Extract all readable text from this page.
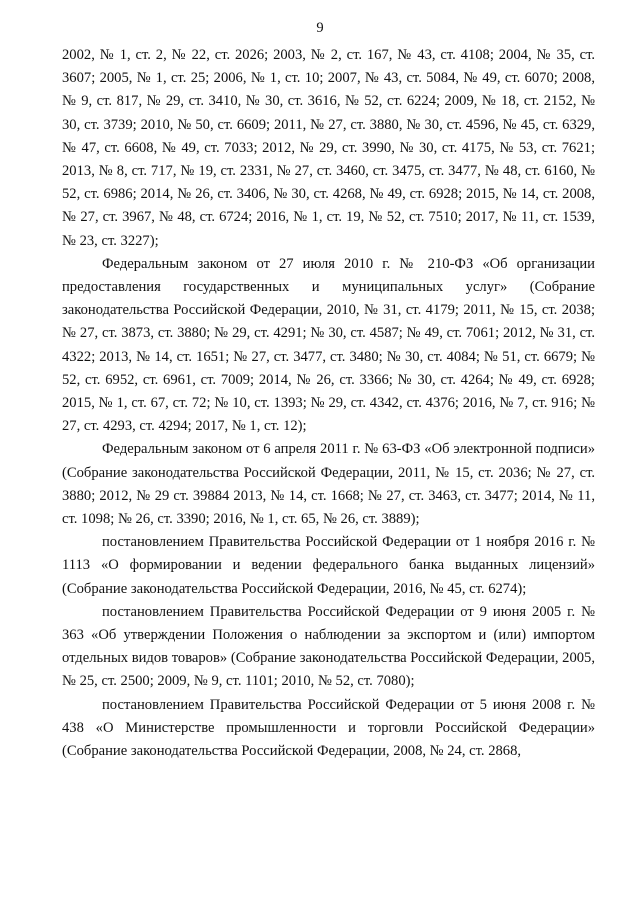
9

2002, № 1, ст. 2, № 22, ст. 2026; 2003, № 2, ст. 167, № 43, ст. 4108; 2004, № 35, ст. 3607; 2005, № 1, ст. 25; 2006, № 1, ст. 10; 2007, № 43, ст. 5084, № 49, ст. 6070; 2008, № 9, ст. 817, № 29, ст. 3410, № 30, ст. 3616, № 52, ст. 6224; 2009, № 18, ст. 2152, № 30, ст. 3739; 2010, № 50, ст. 6609; 2011, № 27, ст. 3880, № 30, ст. 4596, № 45, ст. 6329, № 47, ст. 6608, № 49, ст. 7033; 2012, № 29, ст. 3990, № 30, ст. 4175, № 53, ст. 7621; 2013, № 8, ст. 717, № 19, ст. 2331, № 27, ст. 3460, ст. 3475, ст. 3477, № 48, ст. 6160, № 52, ст. 6986; 2014, № 26, ст. 3406, № 30, ст. 4268, № 49, ст. 6928; 2015, № 14, ст. 2008, № 27, ст. 3967, № 48, ст. 6724; 2016, № 1, ст. 19, № 52, ст. 7510; 2017, № 11, ст. 1539, № 23, ст. 3227);

Федеральным законом от 27 июля 2010 г. № 210-ФЗ «Об организации предоставления государственных и муниципальных услуг» (Собрание законодательства Российской Федерации, 2010, № 31, ст. 4179; 2011, № 15, ст. 2038; № 27, ст. 3873, ст. 3880; № 29, ст. 4291; № 30, ст. 4587; № 49, ст. 7061; 2012, № 31, ст. 4322; 2013, № 14, ст. 1651; № 27, ст. 3477, ст. 3480; № 30, ст. 4084; № 51, ст. 6679; № 52, ст. 6952, ст. 6961, ст. 7009; 2014, № 26, ст. 3366; № 30, ст. 4264; № 49, ст. 6928; 2015, № 1, ст. 67, ст. 72; № 10, ст. 1393; № 29, ст. 4342, ст. 4376; 2016, № 7, ст. 916; № 27, ст. 4293, ст. 4294; 2017, № 1, ст. 12);

Федеральным законом от 6 апреля 2011 г. № 63-ФЗ «Об электронной подписи» (Собрание законодательства Российской Федерации, 2011, № 15, ст. 2036; № 27, ст. 3880; 2012, № 29 ст. 39884 2013, № 14, ст. 1668; № 27, ст. 3463, ст. 3477; 2014, № 11, ст. 1098; № 26, ст. 3390; 2016, № 1, ст. 65, № 26, ст. 3889);

постановлением Правительства Российской Федерации от 1 ноября 2016 г. № 1113 «О формировании и ведении федерального банка выданных лицензий» (Собрание законодательства Российской Федерации, 2016, № 45, ст. 6274);

постановлением Правительства Российской Федерации от 9 июня 2005 г. № 363 «Об утверждении Положения о наблюдении за экспортом и (или) импортом отдельных видов товаров» (Собрание законодательства Российской Федерации, 2005, № 25, ст. 2500; 2009, № 9, ст. 1101; 2010, № 52, ст. 7080);

постановлением Правительства Российской Федерации от 5 июня 2008 г. № 438 «О Министерстве промышленности и торговли Российской Федерации» (Собрание законодательства Российской Федерации, 2008, № 24, ст. 2868,
